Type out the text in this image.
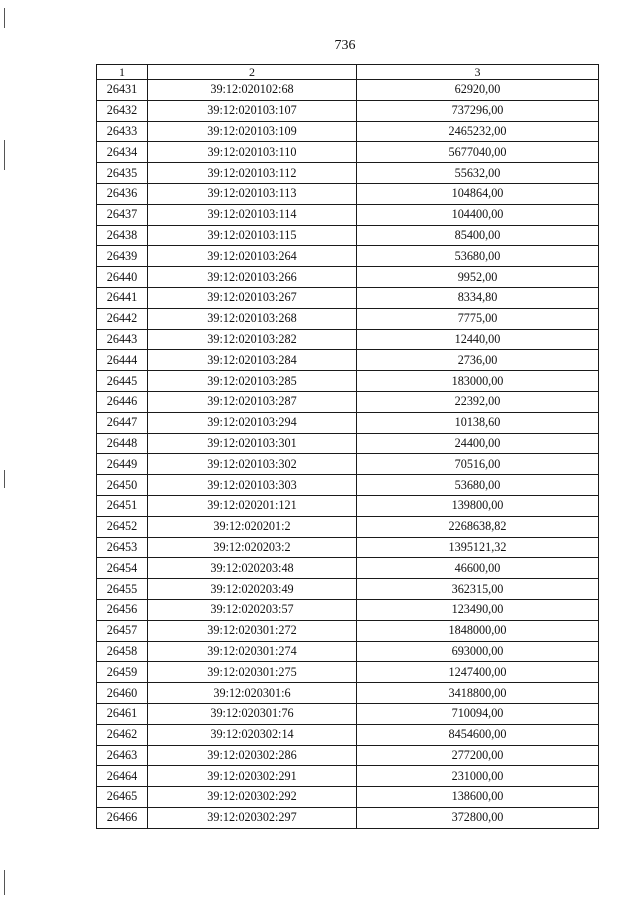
736
1	2	3
26431	39:12:020102:68	62920,00
26432	39:12:020103:107	737296,00
26433	39:12:020103:109	2465232,00
26434	39:12:020103:110	5677040,00
26435	39:12:020103:112	55632,00
26436	39:12:020103:113	104864,00
26437	39:12:020103:114	104400,00
26438	39:12:020103:115	85400,00
26439	39:12:020103:264	53680,00
26440	39:12:020103:266	9952,00
26441	39:12:020103:267	8334,80
26442	39:12:020103:268	7775,00
26443	39:12:020103:282	12440,00
26444	39:12:020103:284	2736,00
26445	39:12:020103:285	183000,00
26446	39:12:020103:287	22392,00
26447	39:12:020103:294	10138,60
26448	39:12:020103:301	24400,00
26449	39:12:020103:302	70516,00
26450	39:12:020103:303	53680,00
26451	39:12:020201:121	139800,00
26452	39:12:020201:2	2268638,82
26453	39:12:020203:2	1395121,32
26454	39:12:020203:48	46600,00
26455	39:12:020203:49	362315,00
26456	39:12:020203:57	123490,00
26457	39:12:020301:272	1848000,00
26458	39:12:020301:274	693000,00
26459	39:12:020301:275	1247400,00
26460	39:12:020301:6	3418800,00
26461	39:12:020301:76	710094,00
26462	39:12:020302:14	8454600,00
26463	39:12:020302:286	277200,00
26464	39:12:020302:291	231000,00
26465	39:12:020302:292	138600,00
26466	39:12:020302:297	372800,00
